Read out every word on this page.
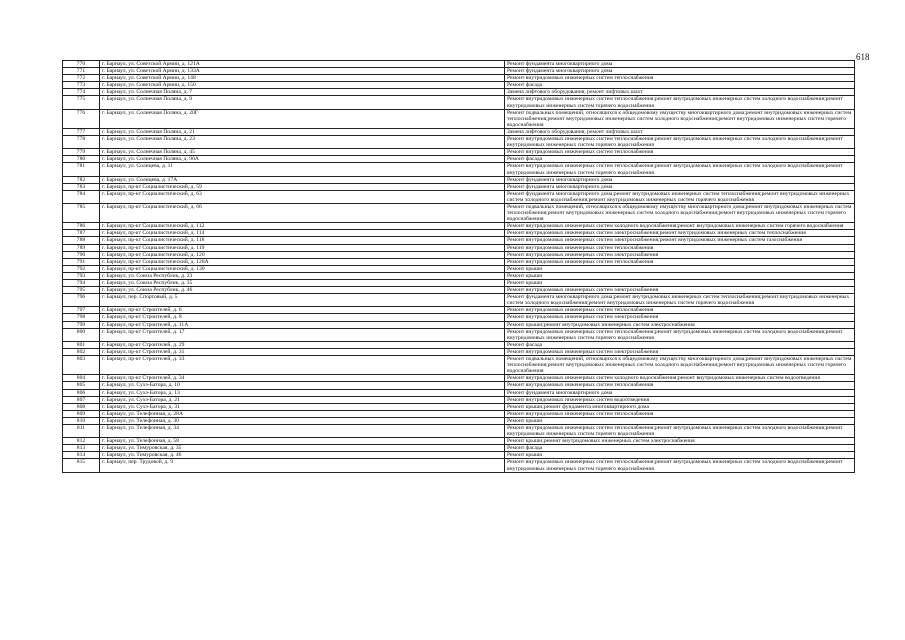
618
770	г. Барнаул, ул. Советской Армии, д. 121А	Ремонт фундамента многоквартирного дома
771	г. Барнаул, ул. Советской Армии, д. 133А	Ремонт фундамента многоквартирного дома
772	г. Барнаул, ул. Советской Армии, д. 148	Ремонт внутридомовых инженерных систем теплоснабжения
773	г. Барнаул, ул. Советской Армии, д. 150	Ремонт фасада
774	г. Барнаул, ул. Солнечная Поляна, д. 7	Замена лифтового оборудования, ремонт лифтовых шахт
775	г. Барнаул, ул. Солнечная Поляна, д. 9	Ремонт внутридомовых инженерных систем теплоснабжения;ремонт внутридомовых инженерных систем холодного водоснабжения;ремонт внутридомовых инженерных систем горячего водоснабжения
776	г. Барнаул, ул. Солнечная Поляна, д. 20Г	Ремонт подвальных помещений, относящихся к общедомовому имуществу многоквартирного дома;ремонт внутридомовых инженерных систем теплоснабжения;ремонт внутридомовых инженерных систем холодного водоснабжения;ремонт внутридомовых инженерных систем горячего водоснабжения
777	г. Барнаул, ул. Солнечная Поляна, д. 21	Замена лифтового оборудования, ремонт лифтовых шахт
778	г. Барнаул, ул. Солнечная Поляна, д. 23	Ремонт внутридомовых инженерных систем теплоснабжения;ремонт внутридомовых инженерных систем холодного водоснабжения;ремонт внутридомовых инженерных систем горячего водоснабжения
779	г. Барнаул, ул. Солнечная Поляна, д. 45	Ремонт внутридомовых инженерных систем теплоснабжения
780	г. Барнаул, ул. Солнечная Поляна, д. 90А	Ремонт фасада
781	г. Барнаул, ул. Солнцева, д. 11	Ремонт внутридомовых инженерных систем теплоснабжения;ремонт внутридомовых инженерных систем холодного водоснабжения;ремонт внутридомовых инженерных систем горячего водоснабжения
782	г. Барнаул, ул. Солнцева, д. 17А	Ремонт фундамента многоквартирного дома
783	г. Барнаул, пр-кт Социалистический, д. 59	Ремонт фундамента многоквартирного дома
784	г. Барнаул, пр-кт Социалистический, д. 63	Ремонт фундамента многоквартирного дома;ремонт внутридомовых инженерных систем теплоснабжения;ремонт внутридомовых инженерных систем холодного водоснабжения;ремонт внутридомовых инженерных систем горячего водоснабжения
785	г. Барнаул, пр-кт Социалистический, д. 66	Ремонт подвальных помещений, относящихся к общедомовому имуществу многоквартирного дома;ремонт внутридомовых инженерных систем теплоснабжения;ремонт внутридомовых инженерных систем холодного водоснабжения;ремонт внутридомовых инженерных систем горячего водоснабжения
786	г. Барнаул, пр-кт Социалистический, д. 112	Ремонт внутридомовых инженерных систем холодного водоснабжения;ремонт внутридомовых инженерных систем горячего водоснабжения
787	г. Барнаул, пр-кт Социалистический, д. 114	Ремонт внутридомовых инженерных систем электроснабжения;ремонт внутридомовых инженерных систем теплоснабжения
788	г. Барнаул, пр-кт Социалистический, д. 118	Ремонт внутридомовых инженерных систем электроснабжения;ремонт внутридомовых инженерных систем газоснабжения
789	г. Барнаул, пр-кт Социалистический, д. 119	Ремонт внутридомовых инженерных систем теплоснабжения
790	г. Барнаул, пр-кт Социалистический, д. 120	Ремонт внутридомовых инженерных систем электроснабжения
791	г. Барнаул, пр-кт Социалистический, д. 128А	Ремонт внутридомовых инженерных систем теплоснабжения
792	г. Барнаул, пр-кт Социалистический, д. 130	Ремонт крыши
793	г. Барнаул, ул. Союза Республик, д. 23	Ремонт крыши
794	г. Барнаул, ул. Союза Республик, д. 35	Ремонт крыши
795	г. Барнаул, ул. Союза Республик, д. 46	Ремонт внутридомовых инженерных систем электроснабжения
796	г. Барнаул, пер. Спортовый, д. 5	Ремонт фундамента многоквартирного дома;ремонт внутридомовых инженерных систем теплоснабжения;ремонт внутридомовых инженерных систем холодного водоснабжения;ремонт внутридомовых инженерных систем горячего водоснабжения
797	г. Барнаул, пр-кт Строителей, д. 6	Ремонт внутридомовых инженерных систем теплоснабжения
798	г. Барнаул, пр-кт Строителей, д. 8	Ремонт внутридомовых инженерных систем электроснабжения
799	г. Барнаул, пр-кт Строителей, д. 11А	Ремонт крыши;ремонт внутридомовых инженерных систем электроснабжения
800	г. Барнаул, пр-кт Строителей, д. 17	Ремонт внутридомовых инженерных систем теплоснабжения;ремонт внутридомовых инженерных систем холодного водоснабжения;ремонт внутридомовых инженерных систем горячего водоснабжения
801	г. Барнаул, пр-кт Строителей, д. 29	Ремонт фасада
802	г. Барнаул, пр-кт Строителей, д. 31	Ремонт внутридомовых инженерных систем электроснабжения
803	г. Барнаул, пр-кт Строителей, д. 33	Ремонт подвальных помещений, относящихся к общедомовому имуществу многоквартирного дома;ремонт внутридомовых инженерных систем теплоснабжения;ремонт внутридомовых инженерных систем холодного водоснабжения;ремонт внутридомовых инженерных систем горячего водоснабжения
804	г. Барнаул, пр-кт Строителей, д. 34	Ремонт внутридомовых инженерных систем холодного водоснабжения;ремонт внутридомовых инженерных систем водоотведения
805	г. Барнаул, ул. Сухэ-Батора, д. 10	Ремонт внутридомовых инженерных систем теплоснабжения
806	г. Барнаул, ул. Сухэ-Батора, д. 13	Ремонт фундамента многоквартирного дома
807	г. Барнаул, ул. Сухэ-Батора, д. 21	Ремонт внутридомовых инженерных систем водоотведения
808	г. Барнаул, ул. Сухэ-Батора, д. 31	Ремонт крыши;ремонт фундамента многоквартирного дома
809	г. Барнаул, ул. Телефонная, д. 28А	Ремонт внутридомовых инженерных систем теплоснабжения
810	г. Барнаул, ул. Телефонная, д. 30	Ремонт крыши
811	г. Барнаул, ул. Телефонная, д. 34	Ремонт внутридомовых инженерных систем теплоснабжения;ремонт внутридомовых инженерных систем холодного водоснабжения;ремонт внутридомовых инженерных систем горячего водоснабжения
812	г. Барнаул, ул. Телефонная, д. 58	Ремонт крыши;ремонт внутридомовых инженерных систем электроснабжения
813	г. Барнаул, ул. Тимуровская, д. 35	Ремонт фасада
814	г. Барнаул, ул. Тимуровская, д. 46	Ремонт крыши
815	г. Барнаул, пер. Трудовой, д. 9	Ремонт внутридомовых инженерных систем теплоснабжения;ремонт внутридомовых инженерных систем холодного водоснабжения;ремонт внутридомовых инженерных систем горячего водоснабжения
